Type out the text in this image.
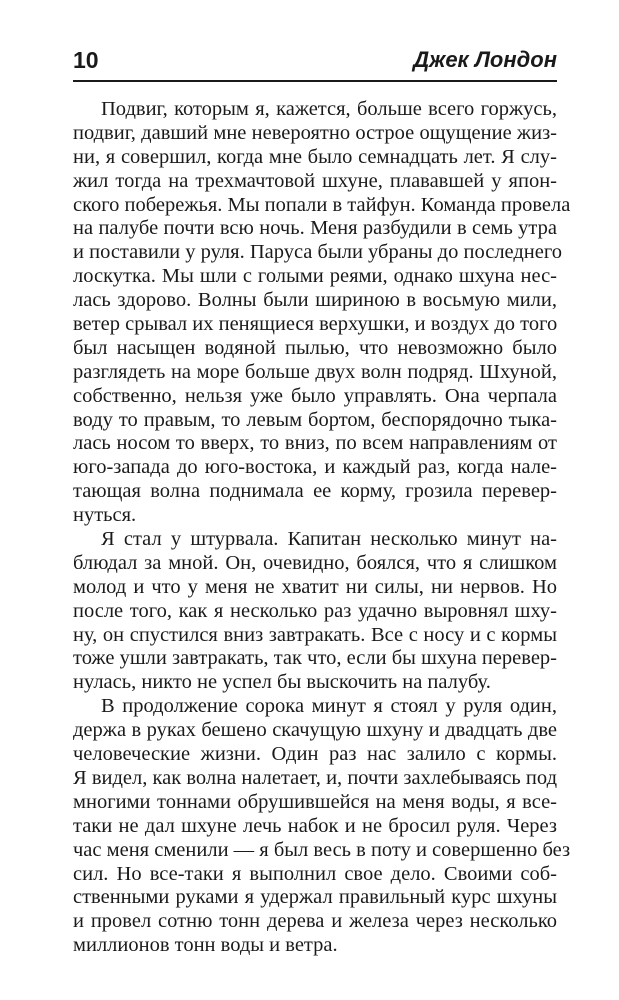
10	Джек Лондон
Подвиг, которым я, кажется, больше всего горжусь,
подвиг, давший мне невероятно острое ощущение жиз-
ни, я совершил, когда мне было семнадцать лет. Я слу-
жил тогда на трехмачтовой шхуне, плававшей у япон-
ского побережья. Мы попали в тайфун. Команда провела
на палубе почти всю ночь. Меня разбудили в семь утра
и поставили у руля. Паруса были убраны до последнего
лоскутка. Мы шли с голыми реями, однако шхуна нес-
лась здорово. Волны были шириною в восьмую мили,
ветер срывал их пенящиеся верхушки, и воздух до того
был насыщен водяной пылью, что невозможно было
разглядеть на море больше двух волн подряд. Шхуной,
собственно, нельзя уже было управлять. Она черпала
воду то правым, то левым бортом, беспорядочно тыка-
лась носом то вверх, то вниз, по всем направлениям от
юго-запада до юго-востока, и каждый раз, когда нале-
тающая волна поднимала ее корму, грозила перевер-
нуться.
Я стал у штурвала. Капитан несколько минут на-
блюдал за мной. Он, очевидно, боялся, что я слишком
молод и что у меня не хватит ни силы, ни нервов. Но
после того, как я несколько раз удачно выровнял шху-
ну, он спустился вниз завтракать. Все с носу и с кормы
тоже ушли завтракать, так что, если бы шхуна перевер-
нулась, никто не успел бы выскочить на палубу.
В продолжение сорока минут я стоял у руля один,
держа в руках бешено скачущую шхуну и двадцать две
человеческие жизни. Один раз нас залило с кормы.
Я видел, как волна налетает, и, почти захлебываясь под
многими тоннами обрушившейся на меня воды, я все-
таки не дал шхуне лечь набок и не бросил руля. Через
час меня сменили — я был весь в поту и совершенно без
сил. Но все-таки я выполнил свое дело. Своими соб-
ственными руками я удержал правильный курс шхуны
и провел сотню тонн дерева и железа через несколько
миллионов тонн воды и ветра.
